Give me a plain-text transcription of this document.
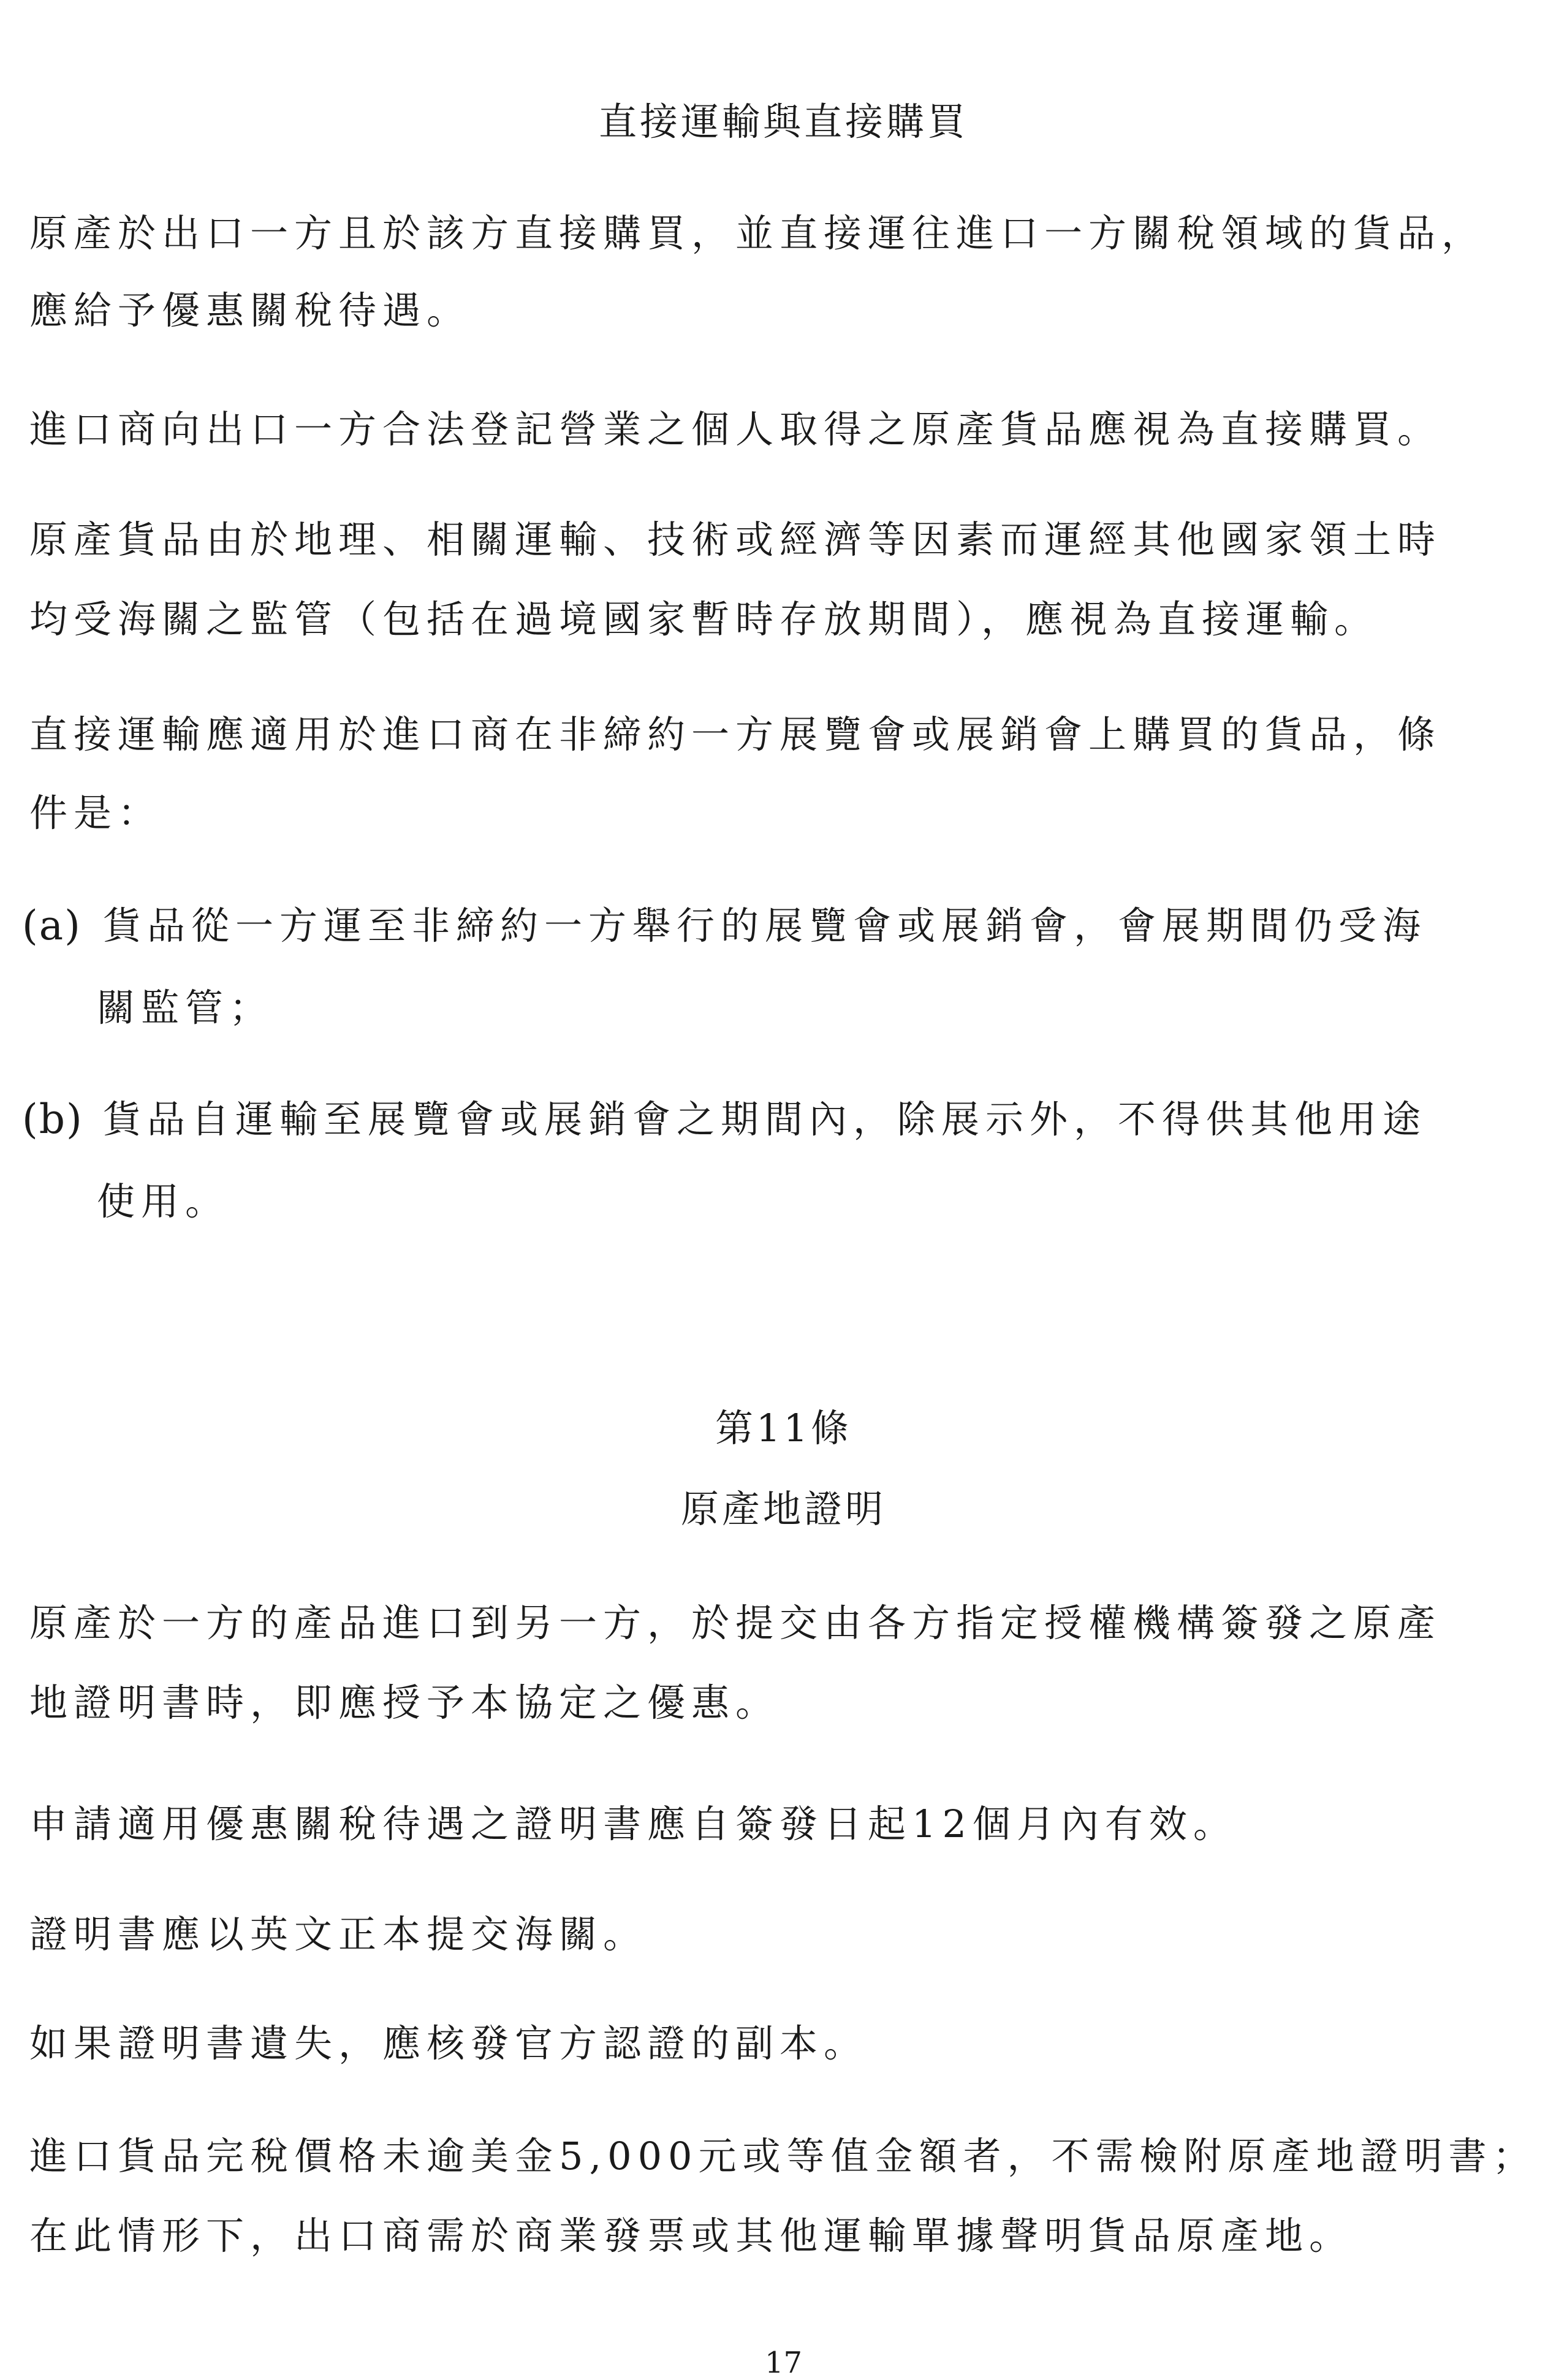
直接運輸與直接購買
原產於出口一方且於該方直接購買，並直接運往進口一方關稅領域的貨品，
應給予優惠關稅待遇。
進口商向出口一方合法登記營業之個人取得之原產貨品應視為直接購買。
原產貨品由於地理、相關運輸、技術或經濟等因素而運經其他國家領土時
均受海關之監管（包括在過境國家暫時存放期間），應視為直接運輸。
直接運輸應適用於進口商在非締約一方展覽會或展銷會上購買的貨品，條
件是：
(a) 貨品從一方運至非締約一方舉行的展覽會或展銷會，會展期間仍受海
關監管；
(b) 貨品自運輸至展覽會或展銷會之期間內，除展示外，不得供其他用途
使用。
第11條
原產地證明
原產於一方的產品進口到另一方，於提交由各方指定授權機構簽發之原產
地證明書時，即應授予本協定之優惠。
申請適用優惠關稅待遇之證明書應自簽發日起12個月內有效。
證明書應以英文正本提交海關。
如果證明書遺失，應核發官方認證的副本。
進口貨品完稅價格未逾美金5,000元或等值金額者，不需檢附原產地證明書；
在此情形下，出口商需於商業發票或其他運輸單據聲明貨品原產地。
17
